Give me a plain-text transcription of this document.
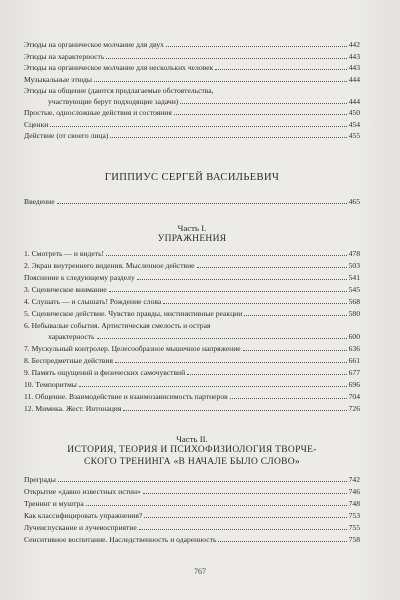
Этюды на органическое молчание для двух	442
Этюды на характерность	443
Этюды на органическое молчание для нескольких человек	443
Музыкальные этюды	444
Этюды на общение (даются предлагаемые обстоятельства,
участвующие берут подходящие задачи)	444
Простые, односложные действия и состояния	450
Сценки	454
Действие (от своего лица)	455
ГИППИУС СЕРГЕЙ ВАСИЛЬЕВИЧ
Введение	465
Часть I.
УПРАЖНЕНИЯ
1. Смотреть — и видеть!	478
2. Экран внутреннего видения. Мысленное действие	503
Пояснение к следующему разделу	541
3. Сценическое внимание	545
4. Слушать — и слышать! Рождение слова	568
5. Сценическое действие. Чувство правды, инстинктивные реакции	580
6. Небывалые события. Артистическая смелость и острая
характерность	600
7. Мускульный контролер. Целесообразное мышечное напряжение	636
8. Беспредметные действия	661
9. Память ощущений и физических самочувствий	677
10. Темпоритмы	696
11. Общение. Взаимодействие и взаимозависимость партнеров	704
12. Мимика. Жест. Интонация	726
Часть II.
ИСТОРИЯ, ТЕОРИЯ И ПСИХОФИЗИОЛОГИЯ ТВОРЧЕ-
СКОГО ТРЕНИНГА «В НАЧАЛЕ БЫЛО СЛОВО»
Преграды	742
Открытие «давно известных истин»	746
Тренинг и муштра	748
Как классифицировать упражнения?	753
Лучеиспускание и лучевосприятие	755
Сенситивное воспитание. Наследственность и одаренность	758
767
